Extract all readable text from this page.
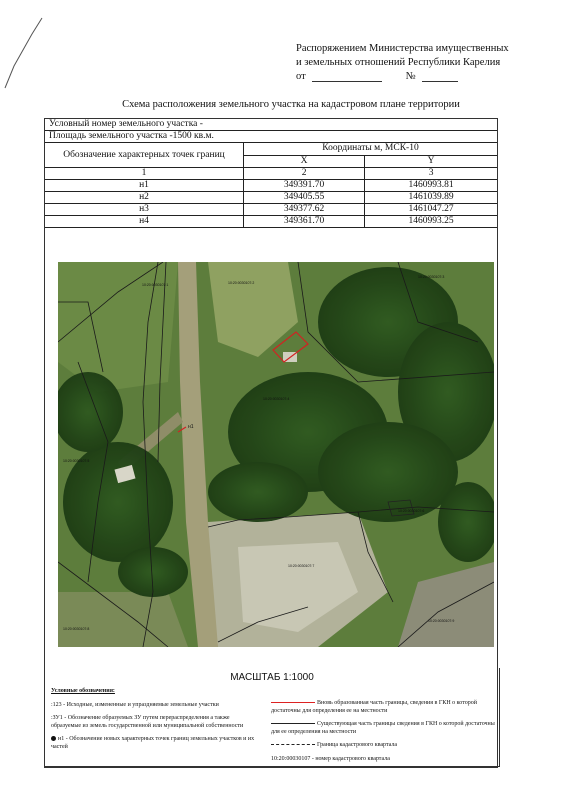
Распоряжением Министерства имущественных
и земельных отношений Республики Карелия
от	№
Схема расположения земельного участка на кадастровом плане территории
Условный номер земельного участка -		
Площадь земельного участка -1500 кв.м.		
Обозначение характерных точек границ	Координаты м, МСК-10	
	X	Y
1	2	3
н1	349391.70	1460993.81
н2	349405.55	1461039.89
н3	349377.62	1461047.27
н4	349361.70	1460993.25
н1
10:20:0030107:1	10:20:0030107:2
10:20:0030107:3
10:20:0030107:4
10:20:0030107:5
10:20:0030107:6
10:20:0030107:7
10:20:0030107:8
10:20:0030107:9
МАСШТАБ 1:1000
Условные обозначения:
:123 - Исходные, измененные и упраздняемые земельные участки
:ЗУ1 - Обозначение образуемых ЗУ путем перераспределения а также образуемые из земель государственной или муниципальной собственности
н1 - Обозначение новых характерных точек границ земельных участков и их частей
Вновь образованная часть границы, сведения в ГКН о которой достаточны для определения ее на местности
Существующая часть границы сведения в ГКН о которой достаточны для ее определения на местности
Граница кадастрового квартала
10:20:00030107 - номер кадастрового квартала
